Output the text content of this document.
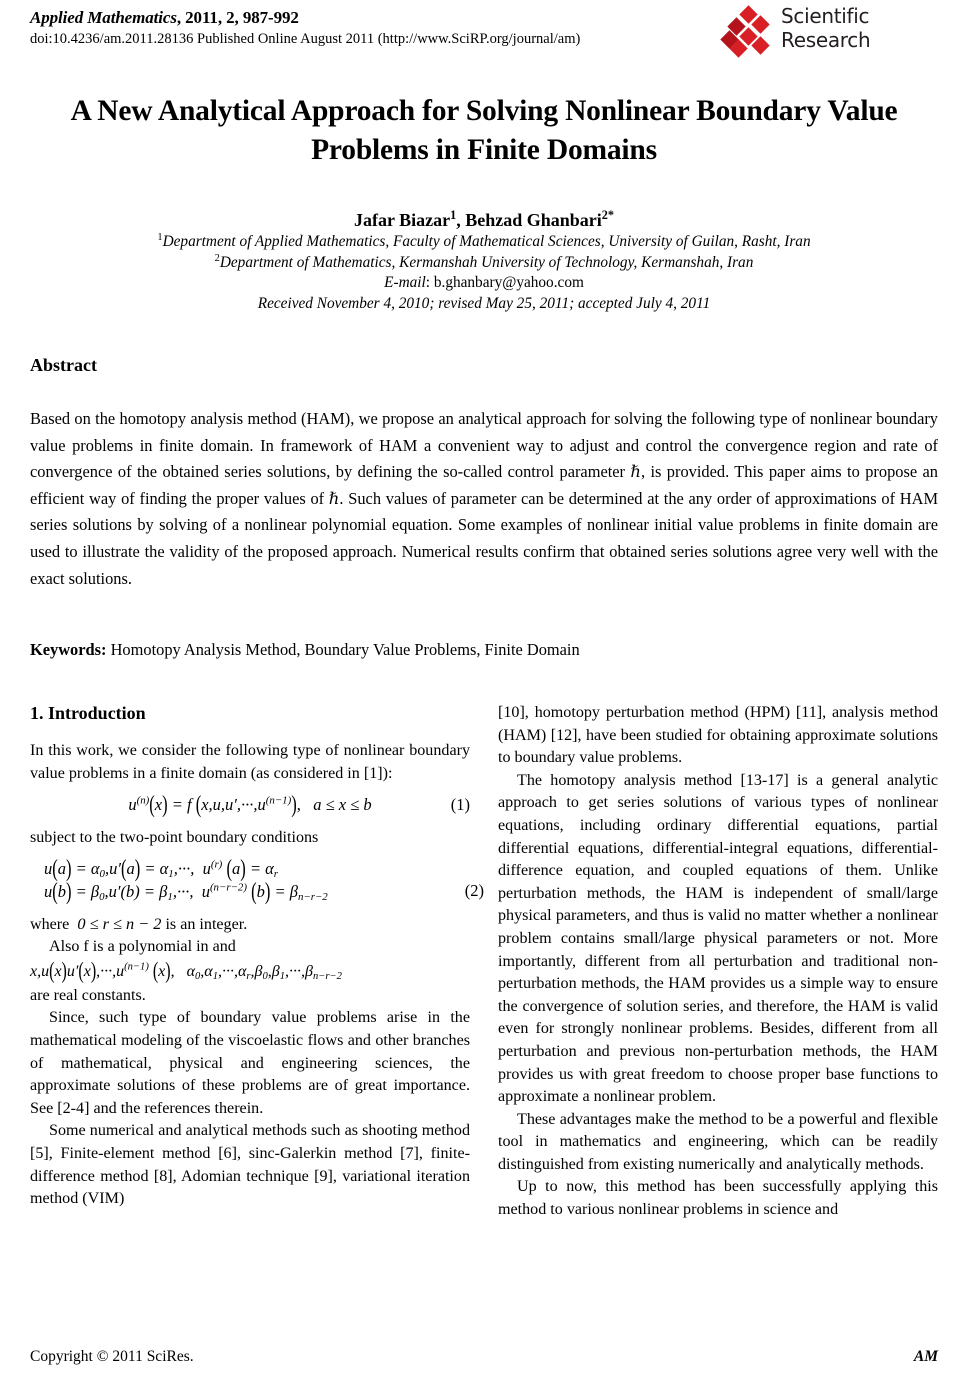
Applied Mathematics, 2011, 2, 987-992
doi:10.4236/am.2011.28136 Published Online August 2011 (http://www.SciRP.org/journal/am)
Scientific
Research
A New Analytical Approach for Solving Nonlinear Boundary Value Problems in Finite Domains
Jafar Biazar$^1$, Behzad Ghanbari$^{2*}$
$^1$Department of Applied Mathematics, Faculty of Mathematical Sciences, University of Guilan, Rasht, Iran
$^2$Department of Mathematics, Kermanshah University of Technology, Kermanshah, Iran
E-mail: b.ghanbary@yahoo.com
Received November 4, 2010; revised May 25, 2011; accepted July 4, 2011
Abstract
Based on the homotopy analysis method (HAM), we propose an analytical approach for solving the following type of nonlinear boundary value problems in finite domain. In framework of HAM a convenient way to adjust and control the convergence region and rate of convergence of the obtained series solutions, by defining the so-called control parameter ℏ, is provided. This paper aims to propose an efficient way of finding the proper values of ℏ. Such values of parameter can be determined at the any order of approximations of HAM series solutions by solving of a nonlinear polynomial equation. Some examples of nonlinear initial value problems in finite domain are used to illustrate the validity of the proposed approach. Numerical results confirm that obtained series solutions agree very well with the exact solutions.
Keywords: Homotopy Analysis Method, Boundary Value Problems, Finite Domain
1. Introduction

In this work, we consider the following type of nonlinear boundary value problems in a finite domain (as considered in [1]):

$u^{(n)}(x) = f$ $(x,u,u',\cdot\cdot\cdot,u^{(n-1)})$,   a ≤ x ≤ b	(1)

subject to the two-point boundary conditions

$u(a) = \alpha_0,u'(a) = \alpha_1,\cdot\cdot\cdot$,  $u^{(r)}$ $(a) = \alpha_r$
$u(b) = \beta_0,u'(b) = \beta_1,\cdot\cdot\cdot$,  $u^{(n-r-2)}$ $(b) = \beta_{n-r-2}$	(2)

where 0 ≤ r ≤ n − 2 is an integer.

Also f is a polynomial in and

$x,u(x)u'(x),\cdot\cdot\cdot,u^{(n-1)}$ (x),   $\alpha_0,\alpha_1,\cdot\cdot\cdot,\alpha_r,\beta_0,\beta_1,\cdot\cdot\cdot,\beta_{n-r-2}$

are real constants.

Since, such type of boundary value problems arise in the mathematical modeling of the viscoelastic flows and other branches of mathematical, physical and engineering sciences, the approximate solutions of these problems are of great importance. See [2-4] and the references therein.

Some numerical and analytical methods such as shooting method [5], Finite-element method [6], sinc-Galerkin method [7], finite-difference method [8], Adomian technique [9], variational iteration method (VIM)

[10], homotopy perturbation method (HPM) [11], analysis method (HAM) [12], have been studied for obtaining approximate solutions to boundary value problems.

The homotopy analysis method [13-17] is a general analytic approach to get series solutions of various types of nonlinear equations, including ordinary differential equations, partial differential equations, differential-integral equations, differential-difference equation, and coupled equations of them. Unlike perturbation methods, the HAM is independent of small/large physical parameters, and thus is valid no matter whether a nonlinear problem contains small/large physical parameters or not. More importantly, different from all perturbation and traditional non-perturbation methods, the HAM provides us a simple way to ensure the convergence of solution series, and therefore, the HAM is valid even for strongly nonlinear problems. Besides, different from all perturbation and previous non-perturbation methods, the HAM provides us with great freedom to choose proper base functions to approximate a nonlinear problem.

These advantages make the method to be a powerful and flexible tool in mathematics and engineering, which can be readily distinguished from existing numerically and analytically methods.

Up to now, this method has been successfully applying this method to various nonlinear problems in science and

Copyright © 2011 SciRes.	AM
